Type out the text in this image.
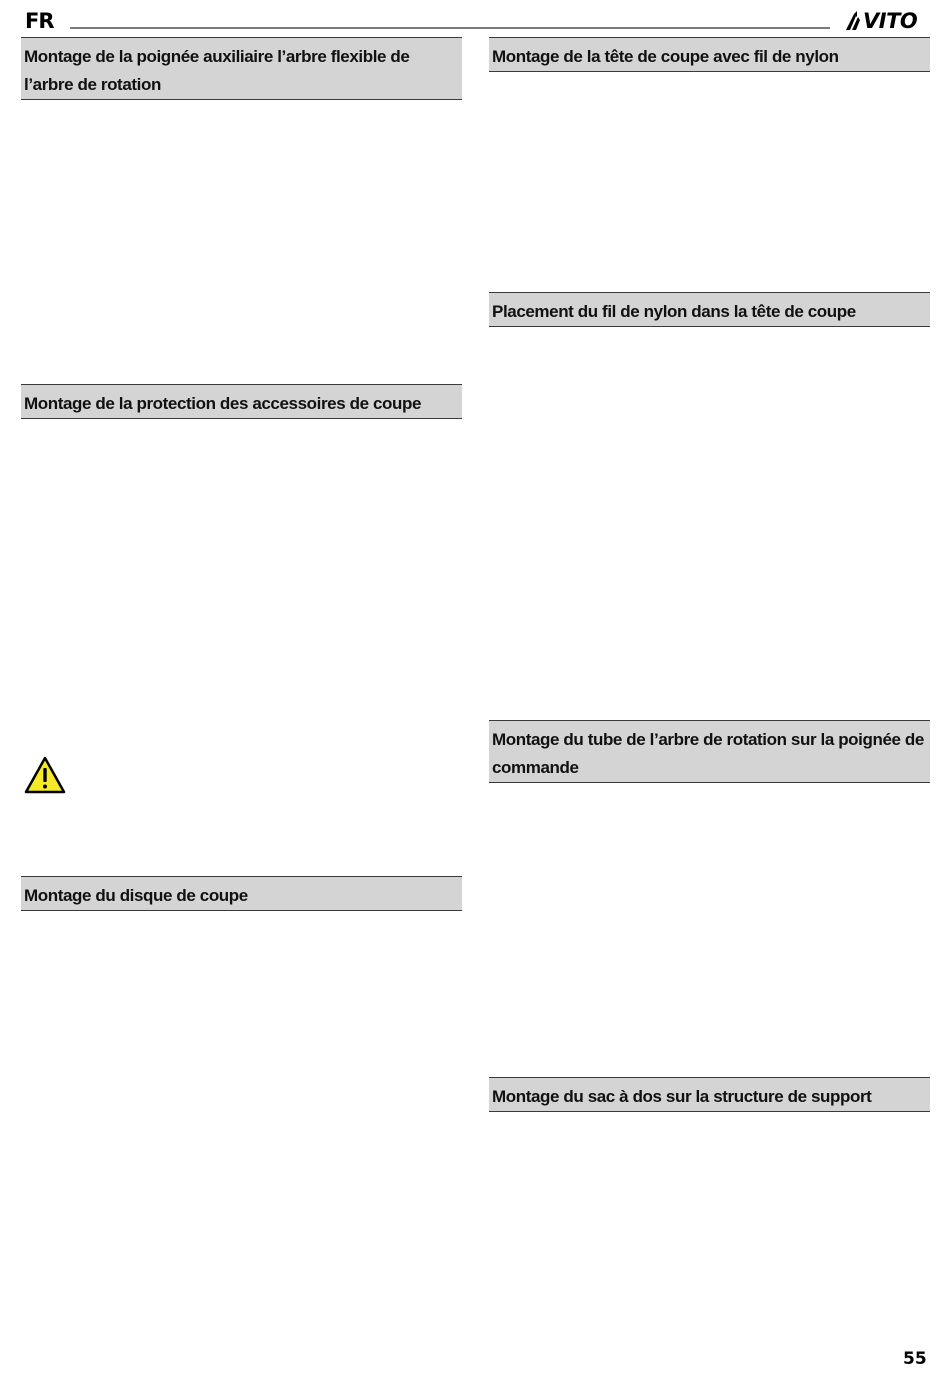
FR	VITO
Montage de la poignée auxiliaire l’arbre flexible de l’arbre de rotation
Montage de la protection des accessoires de coupe
Montage du disque de coupe
Montage de la tête de coupe avec fil de nylon
Placement du fil de nylon dans la tête de coupe
Montage du tube de l’arbre de rotation sur la poignée de commande
Montage du sac à dos sur la structure de support
55
